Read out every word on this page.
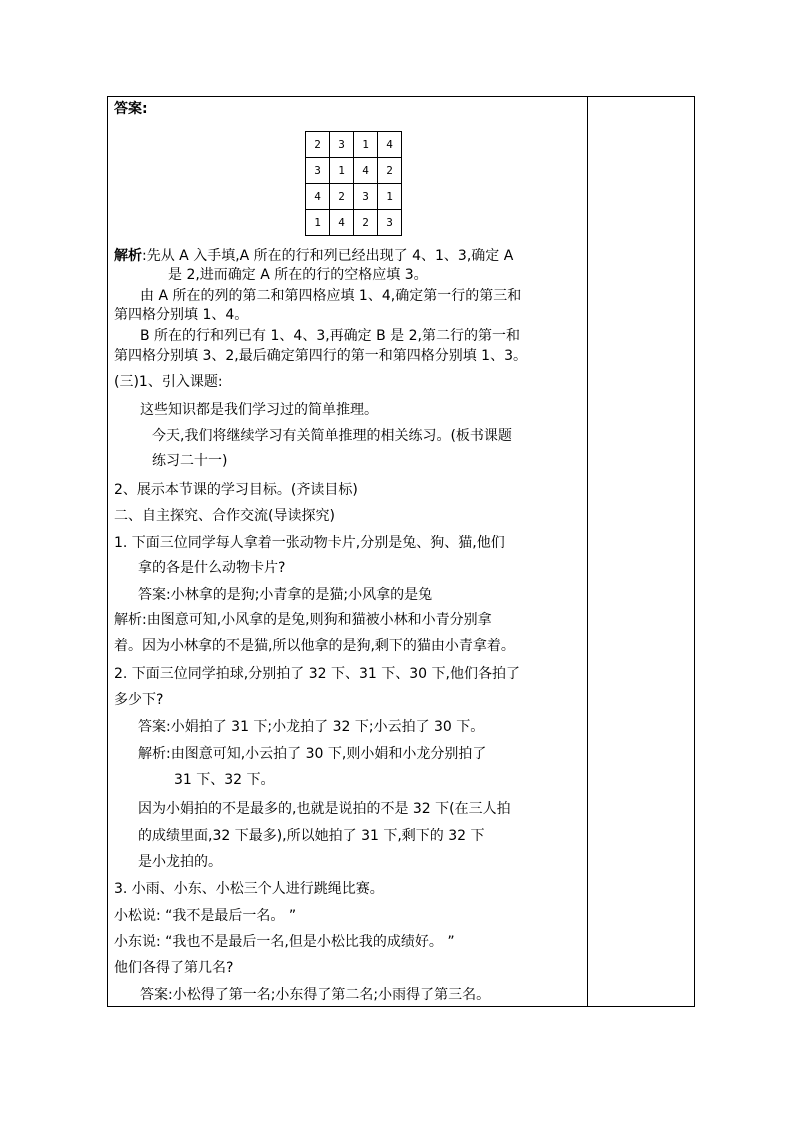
答案:
2	3	1	4
3	1	4	2
4	2	3	1
1	4	2	3
解析:先从 A 入手填,A 所在的行和列已经出现了 4、1、3,确定 A
是 2,进而确定 A 所在的行的空格应填 3。
由 A 所在的列的第二和第四格应填 1、4,确定第一行的第三和
第四格分别填 1、4。
B 所在的行和列已有 1、4、3,再确定 B 是 2,第二行的第一和
第四格分别填 3、2,最后确定第四行的第一和第四格分别填 1、3。
(三)1、引入课题:
这些知识都是我们学习过的简单推理。
今天,我们将继续学习有关简单推理的相关练习。(板书课题
练习二十一)
2、展示本节课的学习目标。(齐读目标)
二、自主探究、合作交流(导读探究)
1. 下面三位同学每人拿着一张动物卡片,分别是兔、狗、猫,他们
拿的各是什么动物卡片?
答案:小林拿的是狗;小青拿的是猫;小风拿的是兔
解析:由图意可知,小风拿的是兔,则狗和猫被小林和小青分别拿
着。因为小林拿的不是猫,所以他拿的是狗,剩下的猫由小青拿着。
2. 下面三位同学拍球,分别拍了 32 下、31 下、30 下,他们各拍了
多少下?
答案:小娟拍了 31 下;小龙拍了 32 下;小云拍了 30 下。
解析:由图意可知,小云拍了 30 下,则小娟和小龙分别拍了
31 下、32 下。
因为小娟拍的不是最多的,也就是说拍的不是 32 下(在三人拍
的成绩里面,32 下最多),所以她拍了 31 下,剩下的 32 下
是小龙拍的。
3. 小雨、小东、小松三个人进行跳绳比赛。
小松说: “我不是最后一名。 ”
小东说: “我也不是最后一名,但是小松比我的成绩好。 ”
他们各得了第几名?
答案:小松得了第一名;小东得了第二名;小雨得了第三名。
